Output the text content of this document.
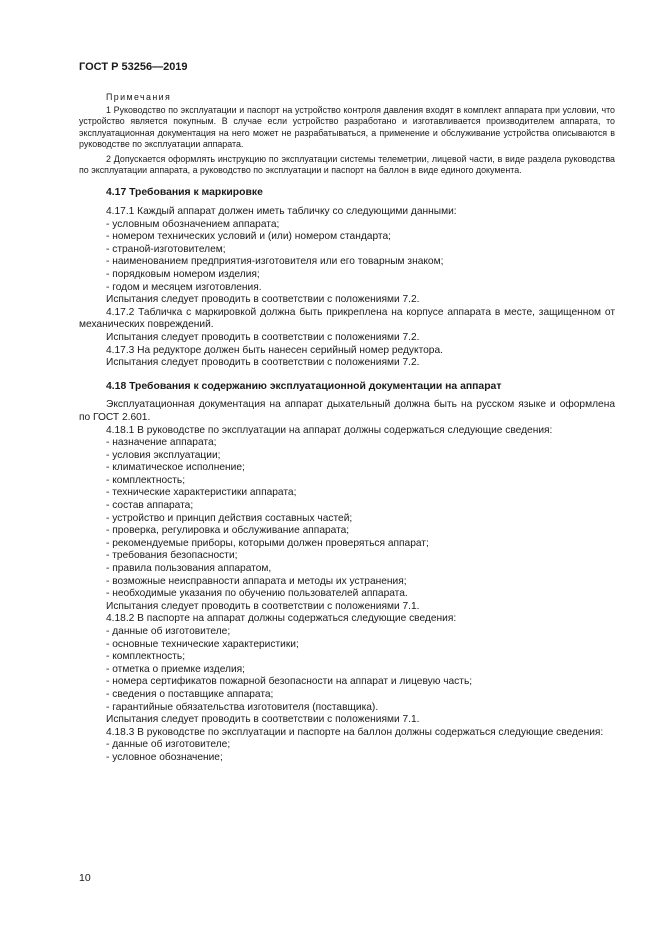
ГОСТ Р 53256—2019
Примечания

1 Руководство по эксплуатации и паспорт на устройство контроля давления входят в комплект аппарата при условии, что устройство является покупным. В случае если устройство разработано и изготавливается производителем аппарата, то эксплуатационная документация на него может не разрабатываться, а применение и обслуживание устройства описываются в руководстве по эксплуатации аппарата.

2 Допускается оформлять инструкцию по эксплуатации системы телеметрии, лицевой части, в виде раздела руководства по эксплуатации аппарата, а руководство по эксплуатации и паспорт на баллон в виде единого документа.

4.17 Требования к маркировке

4.17.1 Каждый аппарат должен иметь табличку со следующими данными:

- условным обозначением аппарата;

- номером технических условий и (или) номером стандарта;

- страной-изготовителем;

- наименованием предприятия-изготовителя или его товарным знаком;

- порядковым номером изделия;

- годом и месяцем изготовления.

Испытания следует проводить в соответствии с положениями 7.2.

4.17.2 Табличка с маркировкой должна быть прикреплена на корпусе аппарата в месте, защищенном от механических повреждений.

Испытания следует проводить в соответствии с положениями 7.2.

4.17.3 На редукторе должен быть нанесен серийный номер редуктора.

Испытания следует проводить в соответствии с положениями 7.2.

4.18 Требования к содержанию эксплуатационной документации на аппарат

Эксплуатационная документация на аппарат дыхательный должна быть на русском языке и оформлена по ГОСТ 2.601.

4.18.1 В руководстве по эксплуатации на аппарат должны содержаться следующие сведения:

- назначение аппарата;

- условия эксплуатации;

- климатическое исполнение;

- комплектность;

- технические характеристики аппарата;

- состав аппарата;

- устройство и принцип действия составных частей;

- проверка, регулировка и обслуживание аппарата;

- рекомендуемые приборы, которыми должен проверяться аппарат;

- требования безопасности;

- правила пользования аппаратом,

- возможные неисправности аппарата и методы их устранения;

- необходимые указания по обучению пользователей аппарата.

Испытания следует проводить в соответствии с положениями 7.1.

4.18.2 В паспорте на аппарат должны содержаться следующие сведения:

- данные об изготовителе;

- основные технические характеристики;

- комплектность;

- отметка о приемке изделия;

- номера сертификатов пожарной безопасности на аппарат и лицевую часть;

- сведения о поставщике аппарата;

- гарантийные обязательства изготовителя (поставщика).

Испытания следует проводить в соответствии с положениями 7.1.

4.18.3 В руководстве по эксплуатации и паспорте на баллон должны содержаться следующие сведения:

- данные об изготовителе;

- условное обозначение;

10
